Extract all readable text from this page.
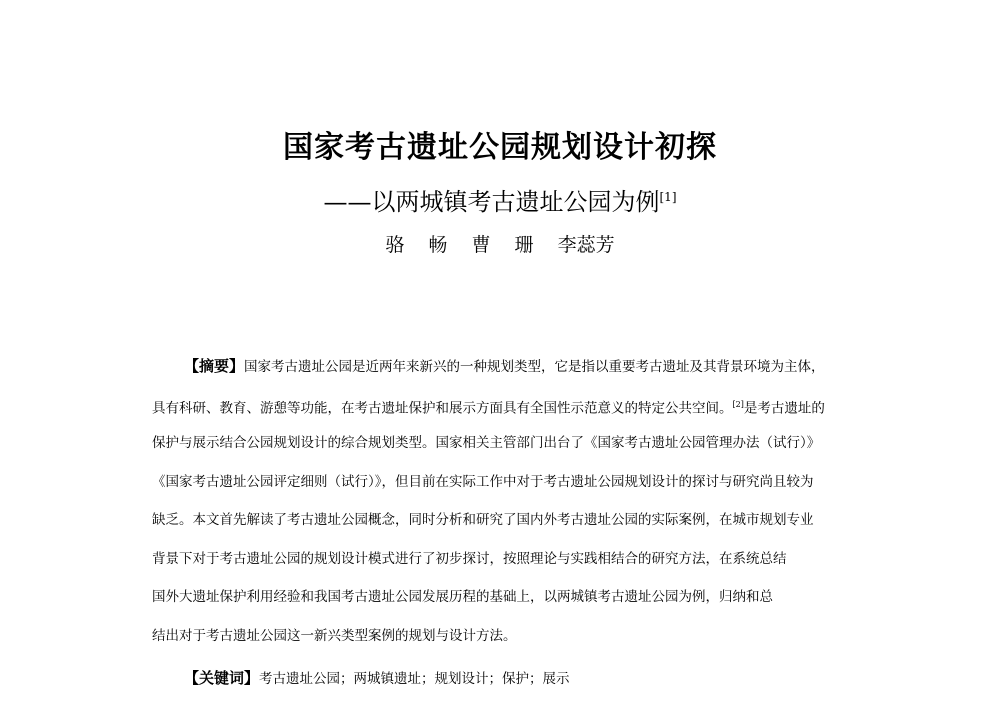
国家考古遗址公园规划设计初探
——以两城镇考古遗址公园为例[1]
骆 畅 曹 珊 李蕊芳
【摘要】国家考古遗址公园是近两年来新兴的一种规划类型，它是指以重要考古遗址及其背景环境为主体，
具有科研、教育、游憩等功能，在考古遗址保护和展示方面具有全国性示范意义的特定公共空间。[2]是考古遗址的
保护与展示结合公园规划设计的综合规划类型。国家相关主管部门出台了《国家考古遗址公园管理办法（试行）》
《国家考古遗址公园评定细则（试行）》，但目前在实际工作中对于考古遗址公园规划设计的探讨与研究尚且较为
缺乏。本文首先解读了考古遗址公园概念，同时分析和研究了国内外考古遗址公园的实际案例，在城市规划专业
背景下对于考古遗址公园的规划设计模式进行了初步探讨，按照理论与实践相结合的研究方法，在系统总结
国外大遗址保护利用经验和我国考古遗址公园发展历程的基础上，以两城镇考古遗址公园为例，归纳和总
结出对于考古遗址公园这一新兴类型案例的规划与设计方法。
【关键词】考古遗址公园；两城镇遗址；规划设计；保护；展示
